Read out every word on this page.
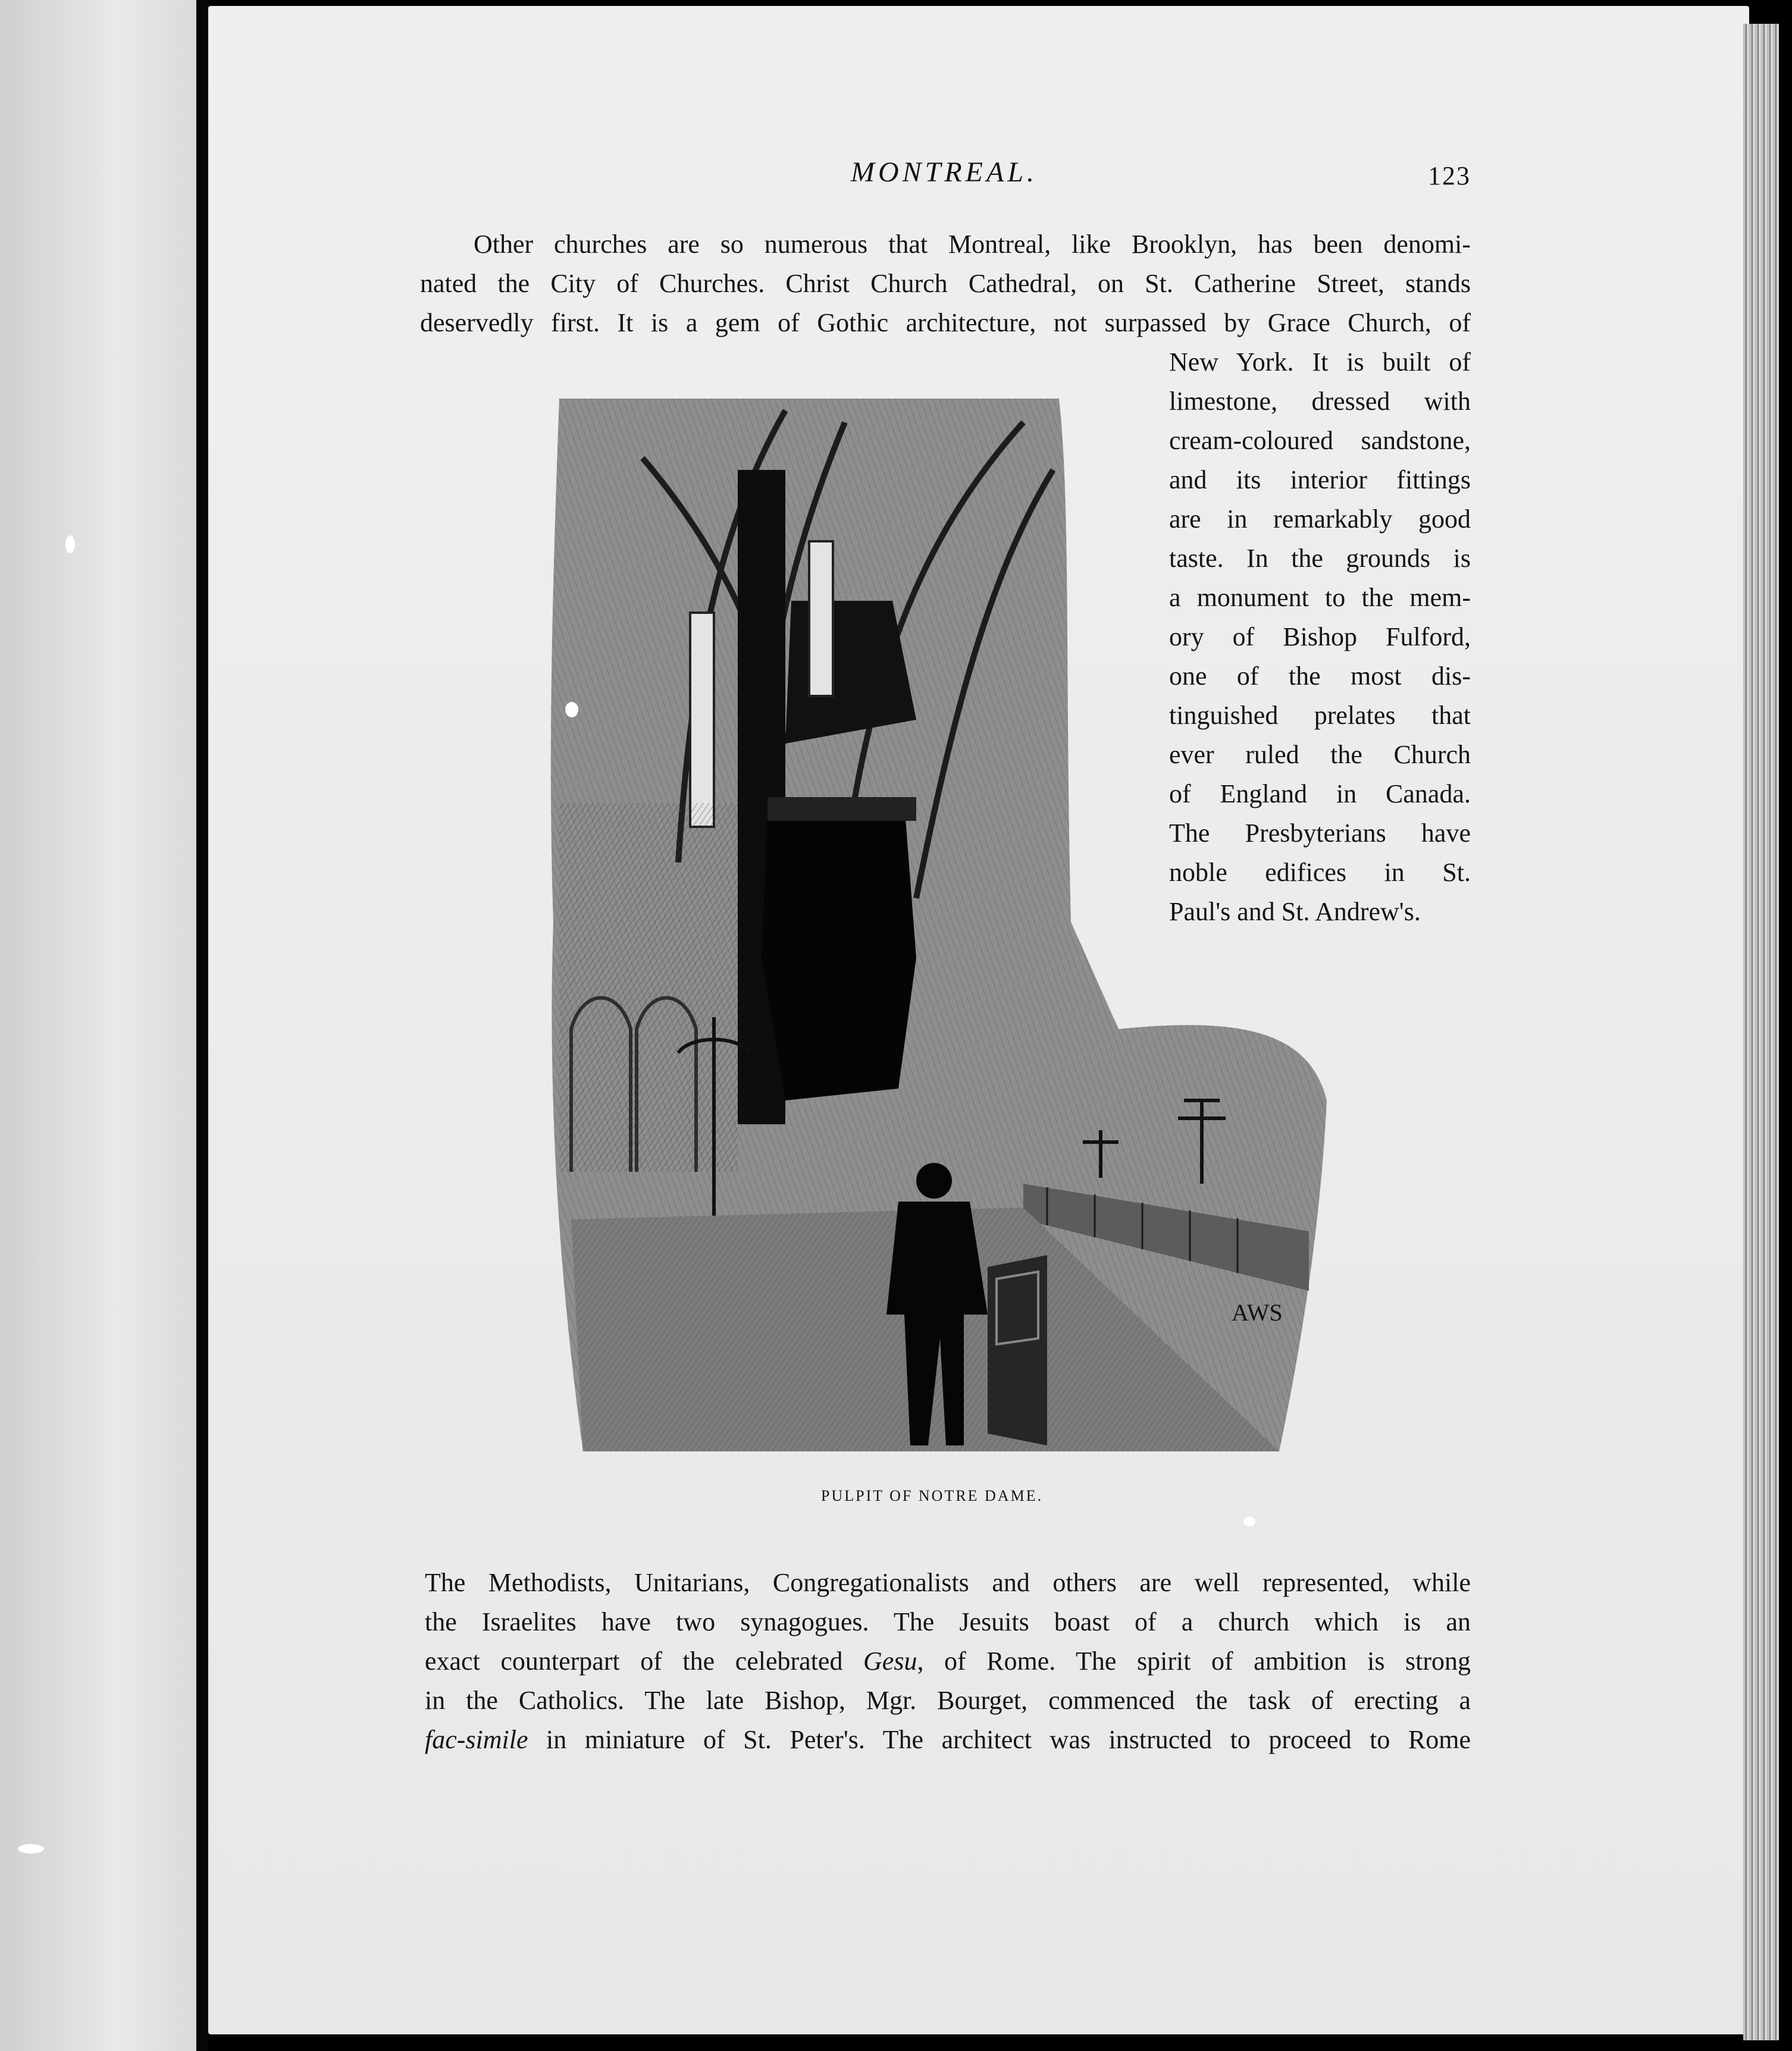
MONTREAL.	123

Other churches are so numerous that Montreal, like Brooklyn, has been denomi-
nated the City of Churches. Christ Church Cathedral, on St. Catherine Street, stands
deservedly first. It is a gem of Gothic architecture, not surpassed by Grace Church, of

New York. It is built of
limestone, dressed with
cream-coloured sandstone,
and its interior fittings
are in remarkably good
taste. In the grounds is
a monument to the mem-
ory of Bishop Fulford,
one of the most dis-
tinguished prelates that
ever ruled the Church
of England in Canada.
The Presbyterians have
noble edifices in St.
Paul's and St. Andrew's.

AWS
PULPIT OF NOTRE DAME.

The Methodists, Unitarians, Congregationalists and others are well represented, while
the Israelites have two synagogues. The Jesuits boast of a church which is an
exact counterpart of the celebrated Gesu, of Rome. The spirit of ambition is strong
in the Catholics. The late Bishop, Mgr. Bourget, commenced the task of erecting a
fac-simile in miniature of St. Peter's. The architect was instructed to proceed to Rome
